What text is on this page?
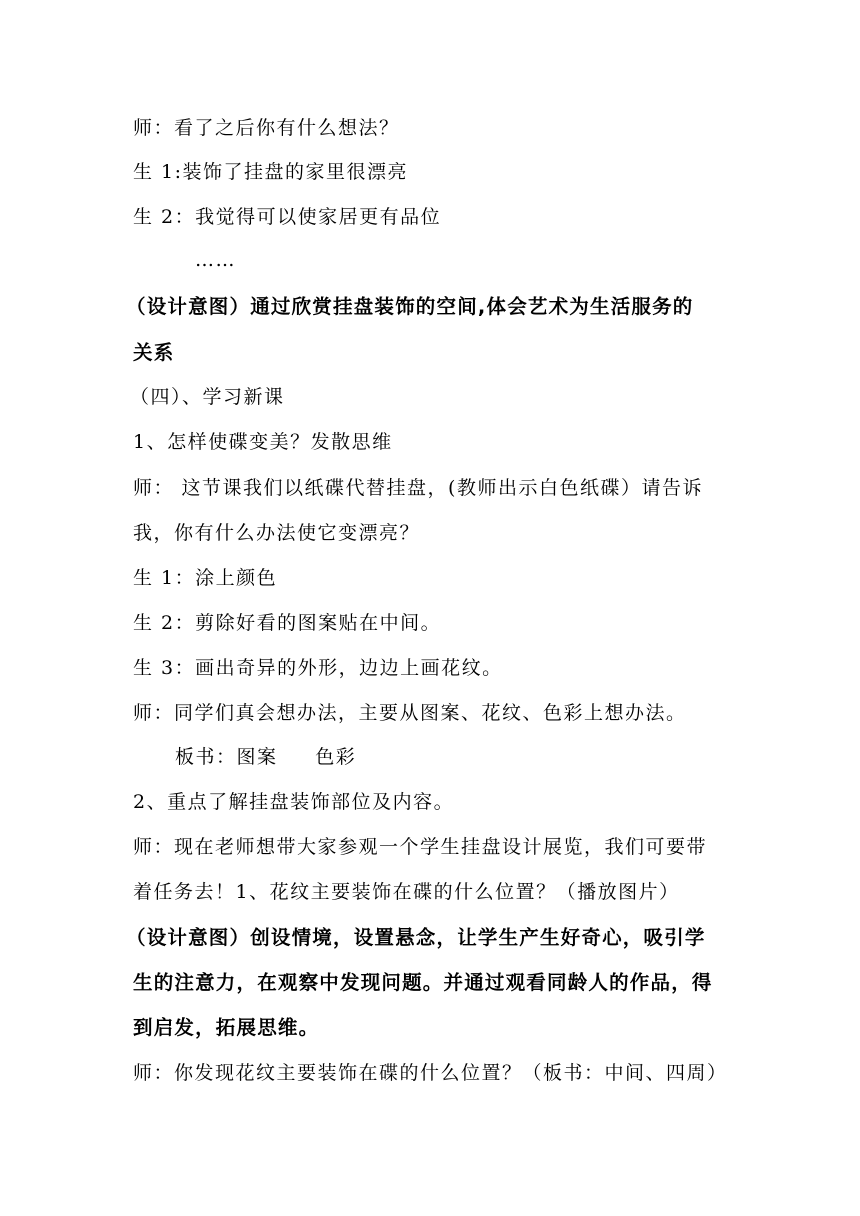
师：看了之后你有什么想法？
生 1:装饰了挂盘的家里很漂亮
生 2：我觉得可以使家居更有品位
……
（设计意图）通过欣赏挂盘装饰的空间,体会艺术为生活服务的
关系
（四）、学习新课
1、怎样使碟变美？发散思维
师： 这节课我们以纸碟代替挂盘，(教师出示白色纸碟）请告诉
我，你有什么办法使它变漂亮？
生 1：涂上颜色
生 2：剪除好看的图案贴在中间。
生 3：画出奇异的外形，边边上画花纹。
师：同学们真会想办法，主要从图案、花纹、色彩上想办法。
板书：图案     色彩
2、重点了解挂盘装饰部位及内容。
师：现在老师想带大家参观一个学生挂盘设计展览，我们可要带
着任务去！1、花纹主要装饰在碟的什么位置？（播放图片）
（设计意图）创设情境，设置悬念，让学生产生好奇心，吸引学
生的注意力，在观察中发现问题。并通过观看同龄人的作品，得
到启发，拓展思维。
师：你发现花纹主要装饰在碟的什么位置？（板书：中间、四周）
